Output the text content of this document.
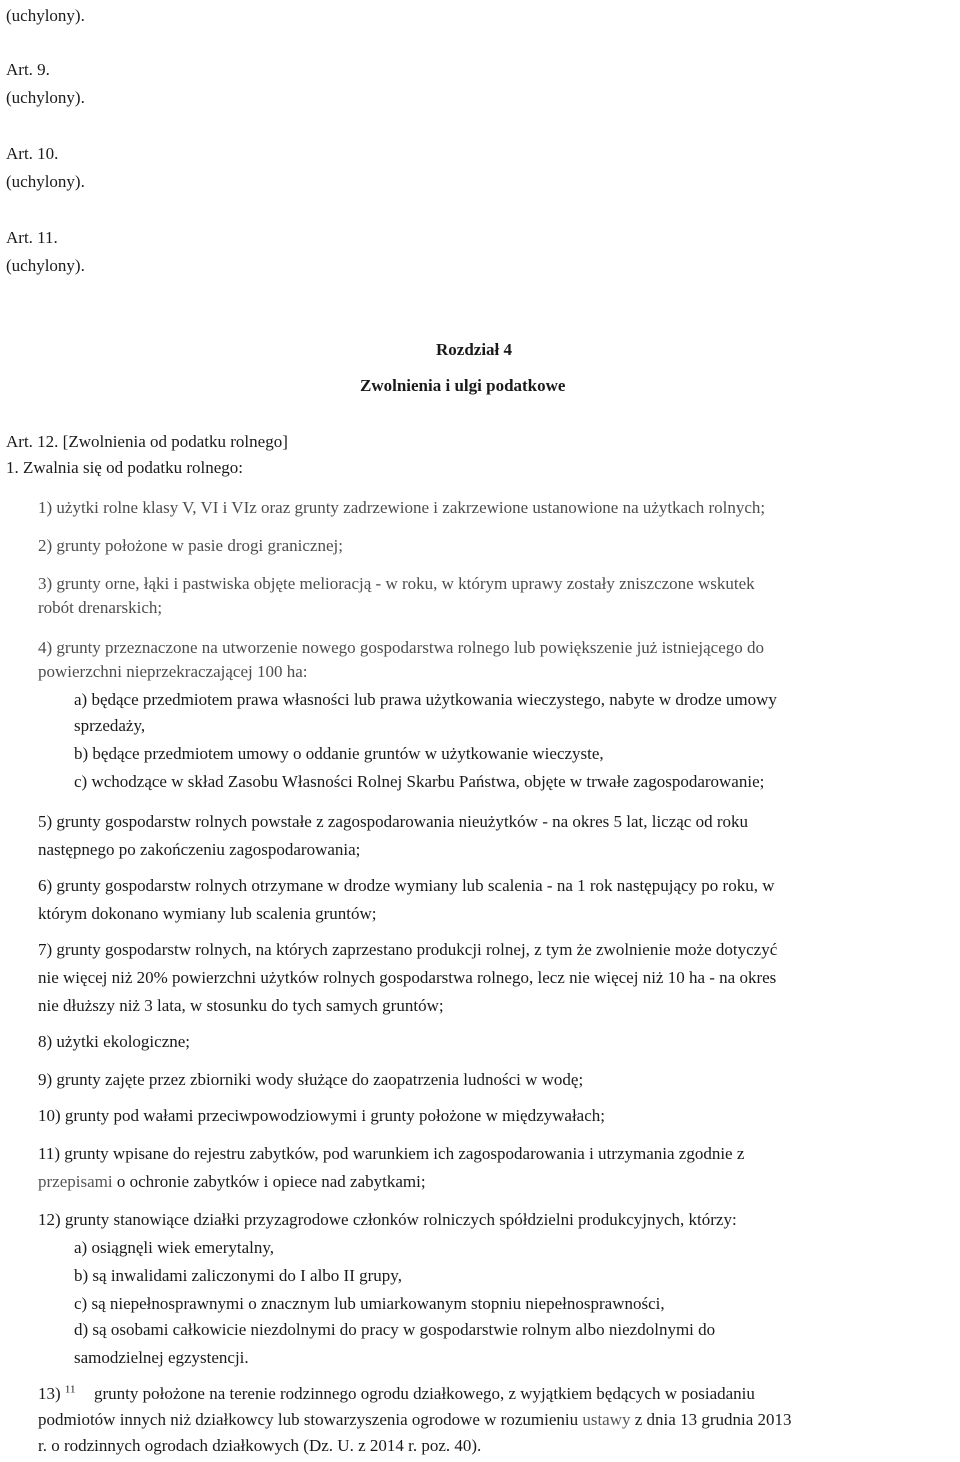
(uchylony).
Art. 9.
(uchylony).
Art. 10.
(uchylony).
Art. 11.
(uchylony).
Rozdział 4
Zwolnienia i ulgi podatkowe
Art. 12. [Zwolnienia od podatku rolnego]
1. Zwalnia się od podatku rolnego:
1) użytki rolne klasy V, VI i VIz oraz grunty zadrzewione i zakrzewione ustanowione na użytkach rolnych;
2) grunty położone w pasie drogi granicznej;
3) grunty orne, łąki i pastwiska objęte melioracją - w roku, w którym uprawy zostały zniszczone wskutek
robót drenarskich;
4) grunty przeznaczone na utworzenie nowego gospodarstwa rolnego lub powiększenie już istniejącego do
powierzchni nieprzekraczającej 100 ha:
a) będące przedmiotem prawa własności lub prawa użytkowania wieczystego, nabyte w drodze umowy
sprzedaży,
b) będące przedmiotem umowy o oddanie gruntów w użytkowanie wieczyste,
c) wchodzące w skład Zasobu Własności Rolnej Skarbu Państwa, objęte w trwałe zagospodarowanie;
5) grunty gospodarstw rolnych powstałe z zagospodarowania nieużytków - na okres 5 lat, licząc od roku
następnego po zakończeniu zagospodarowania;
6) grunty gospodarstw rolnych otrzymane w drodze wymiany lub scalenia - na 1 rok następujący po roku, w
którym dokonano wymiany lub scalenia gruntów;
7) grunty gospodarstw rolnych, na których zaprzestano produkcji rolnej, z tym że zwolnienie może dotyczyć
nie więcej niż 20% powierzchni użytków rolnych gospodarstwa rolnego, lecz nie więcej niż 10 ha - na okres
nie dłuższy niż 3 lata, w stosunku do tych samych gruntów;
8) użytki ekologiczne;
9) grunty zajęte przez zbiorniki wody służące do zaopatrzenia ludności w wodę;
10) grunty pod wałami przeciwpowodziowymi i grunty położone w międzywałach;
11) grunty wpisane do rejestru zabytków, pod warunkiem ich zagospodarowania i utrzymania zgodnie z
przepisami o ochronie zabytków i opiece nad zabytkami;
12) grunty stanowiące działki przyzagrodowe członków rolniczych spółdzielni produkcyjnych, którzy:
a) osiągnęli wiek emerytalny,
b) są inwalidami zaliczonymi do I albo II grupy,
c) są niepełnosprawnymi o znacznym lub umiarkowanym stopniu niepełnosprawności,
d) są osobami całkowicie niezdolnymi do pracy w gospodarstwie rolnym albo niezdolnymi do
samodzielnej egzystencji.
13) $^{11}$ grunty położone na terenie rodzinnego ogrodu działkowego, z wyjątkiem będących w posiadaniu
podmiotów innych niż działkowcy lub stowarzyszenia ogrodowe w rozumieniu ustawy z dnia 13 grudnia 2013
r. o rodzinnych ogrodach działkowych (Dz. U. z 2014 r. poz. 40).
